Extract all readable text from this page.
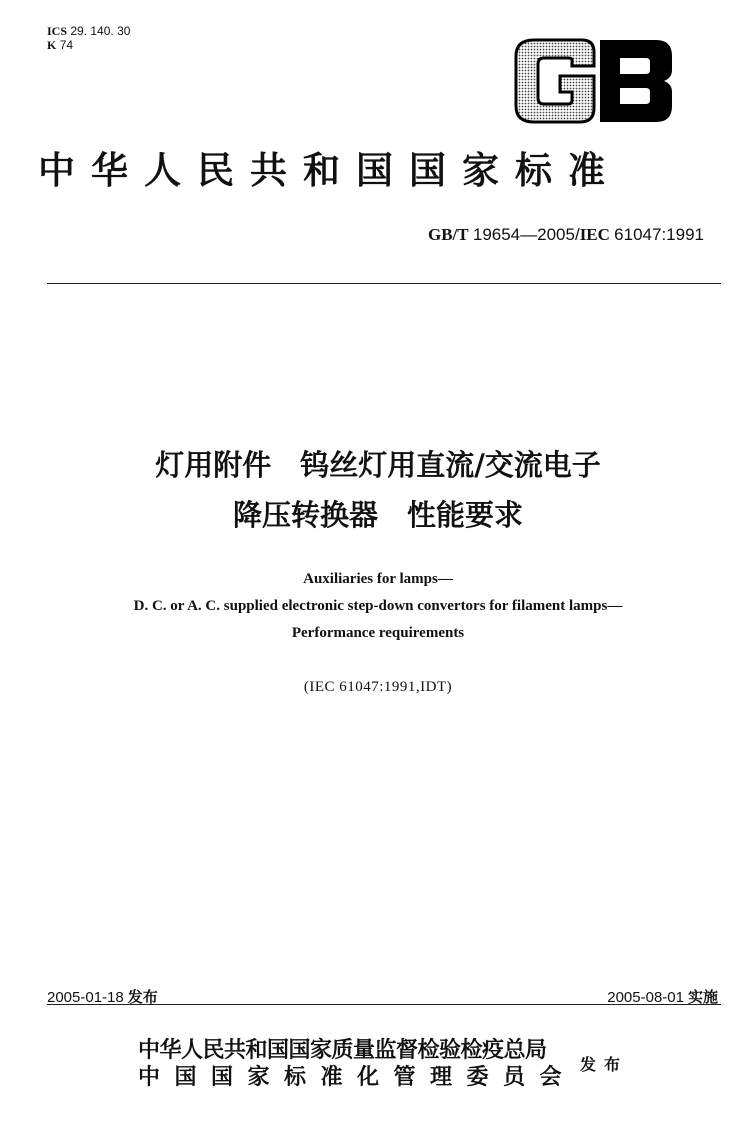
ICS 29. 140. 30
K 74
中华人民共和国国家标准
GB/T 19654—2005/IEC 61047:1991
灯用附件　钨丝灯用直流/交流电子
降压转换器　性能要求
Auxiliaries for lamps—
D. C. or A. C. supplied electronic step-down convertors for filament lamps—
Performance requirements
(IEC 61047:1991,IDT)
2005-01-18 发布	2005-08-01 实施
中华人民共和国国家质量监督检验检疫总局
中国国家标准化管理委员会 发布
